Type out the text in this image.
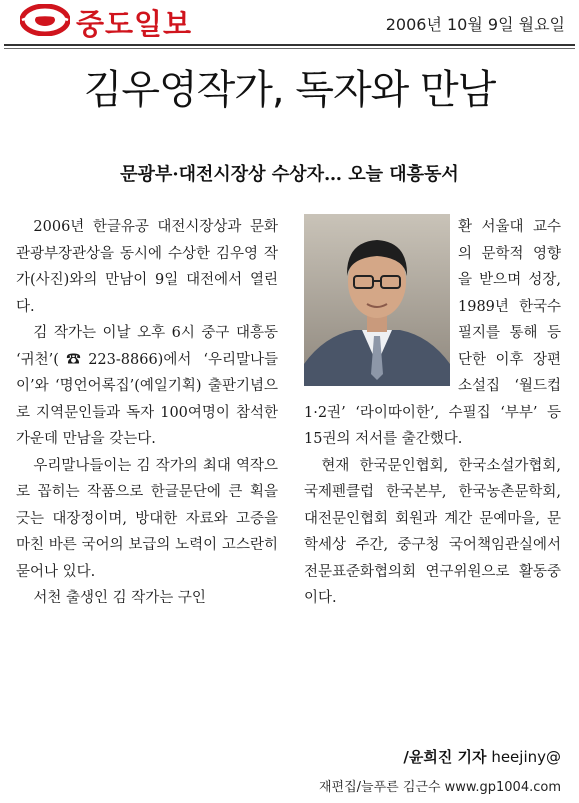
중도일보	2006년 10월 9일 월요일
김우영작가, 독자와 만남
문광부·대전시장상 수상자… 오늘 대흥동서

2006년 한글유공 대전시장상과 문화관광부장관상을 동시에 수상한 김우영 작가(사진)와의 만남이 9일 대전에서 열린다.

김 작가는 이날 오후 6시 중구 대흥동 ‘귀천’(☎223-8866)에서 ‘우리말나들이’와 ‘명언어록집’(예일기획) 출판기념으로 지역문인들과 독자 100여명이 참석한 가운데 만남을 갖는다.

우리말나들이는 김 작가의 최대 역작으로 꼽히는 작품으로 한글문단에 큰 획을 긋는 대장정이며, 방대한 자료와 고증을 마친 바른 국어의 보급의 노력이 고스란히 묻어나 있다.

서천 출생인 김 작가는 구인

환 서울대 교수의 문학적 영향을 받으며 성장, 1989년 한국수필지를 통해 등단한 이후 장편소설집 ‘월드컵 1·2권’ ‘라이따이한’, 수필집 ‘부부’ 등 15권의 저서를 출간했다.

현재 한국문인협회, 한국소설가협회, 국제펜클럽 한국본부, 한국농촌문학회, 대전문인협회 회원과 계간 문예마을, 문학세상 주간, 중구청 국어책임관실에서 전문표준화협의회 연구위원으로 활동중이다.

/윤희진 기자 heejiny@
재편집/늘푸른 김근수 www.gp1004.com
